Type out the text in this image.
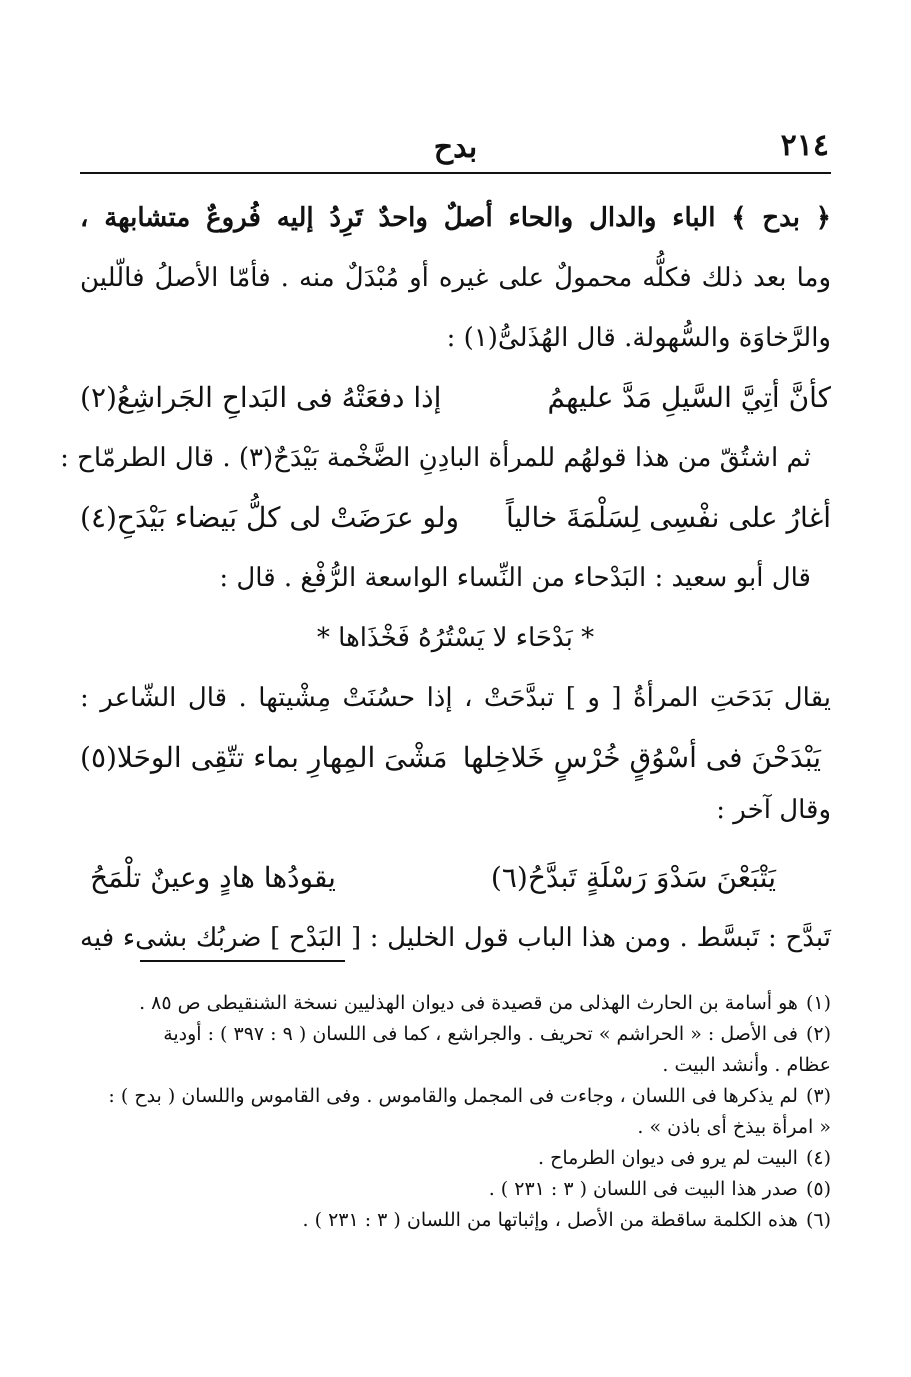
٢١٤
بدح

﴿ بدح ﴾ الباء والدال والحاء أصلٌ واحدٌ تَرِدُ إليه فُروعٌ متشابهة ،

وما بعد ذلك فكلُّه محمولٌ على غيره أو مُبْدَلٌ منه . فأمّا الأصلُ فالّلين

والرَّخاوَة والسُّهولة. قال الهُذَلىُّ(١) :

كأنَّ أتِيَّ السَّيلِ مَدَّ عليهمُ
إذا دفعَتْهُ فى البَداحِ الجَراشِعُ(٢)

ثم اشتُقّ من هذا قولهُم للمرأة البادِنِ الضَّخْمة بَيْدَحٌ(٣) . قال الطرمّاح :

أغارُ على نفْسِى لِسَلْمَةَ خالياً
ولو عرَضَتْ لى كلُّ بَيضاء بَيْدَحِ(٤)

قال أبو سعيد : البَدْحاء من النِّساء الواسعة الرُّفْغ . قال :

* بَدْحَاء لا يَسْتُرُهُ فَخْذَاها *

يقال بَدَحَتِ المرأةُ [ و ] تبدَّحَتْ ، إذا حسُنَتْ مِشْيتها . قال الشّاعر :

يَبْدَحْنَ فى أسْوُقٍ خُرْسٍ خَلاخِلها
مَشْىَ المِهارِ بماء تتّقِى الوحَلا(٥)

وقال آخر :

يَتْبَعْنَ سَدْوَ رَسْلَةٍ تَبدَّحُ(٦)
يقودُها هادٍ وعينٌ تلْمَحُ

تَبدَّح : تَبسَّط . ومن هذا الباب قول الخليل : [ البَدْح ] ضربُك بشىء فيه

(١)هو أسامة بن الحارث الهذلى من قصيدة فى ديوان الهذليين نسخة الشنقيطى ص ٨٥ .

(٢)فى الأصل : « الحراشم » تحريف . والجراشع ، كما فى اللسان ( ٩ : ٣٩٧ ) : أودية

عظام . وأنشد البيت .

(٣)لم يذكرها فى اللسان ، وجاءت فى المجمل والقاموس . وفى القاموس واللسان ( بدح ) :

« امرأة بيذخ أى باذن » .

(٤)البيت لم يرو فى ديوان الطرماح .

(٥)صدر هذا البيت فى اللسان ( ٣ : ٢٣١ ) .

(٦)هذه الكلمة ساقطة من الأصل ، وإثباتها من اللسان ( ٣ : ٢٣١ ) .
